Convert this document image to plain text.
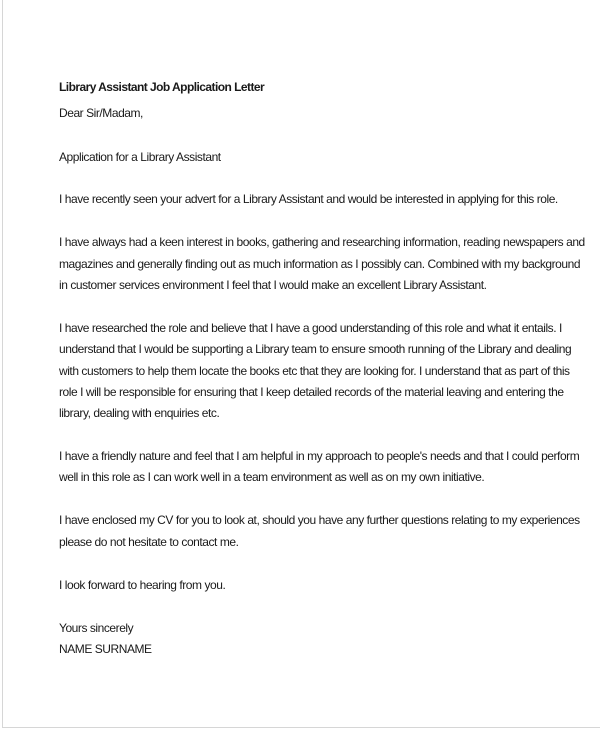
Library Assistant Job Application Letter
Dear Sir/Madam,
Application for a Library Assistant
I have recently seen your advert for a Library Assistant and would be interested in applying for this role.
I have always had a keen interest in books, gathering and researching information, reading newspapers and
magazines and generally finding out as much information as I possibly can. Combined with my background
in customer services environment I feel that I would make an excellent Library Assistant.
I have researched the role and believe that I have a good understanding of this role and what it entails. I
understand that I would be supporting a Library team to ensure smooth running of the Library and dealing
with customers to help them locate the books etc that they are looking for. I understand that as part of this
role I will be responsible for ensuring that I keep detailed records of the material leaving and entering the
library, dealing with enquiries etc.
I have a friendly nature and feel that I am helpful in my approach to people's needs and that I could perform
well in this role as I can work well in a team environment as well as on my own initiative.
I have enclosed my CV for you to look at, should you have any further questions relating to my experiences
please do not hesitate to contact me.
I look forward to hearing from you.
Yours sincerely
NAME SURNAME
